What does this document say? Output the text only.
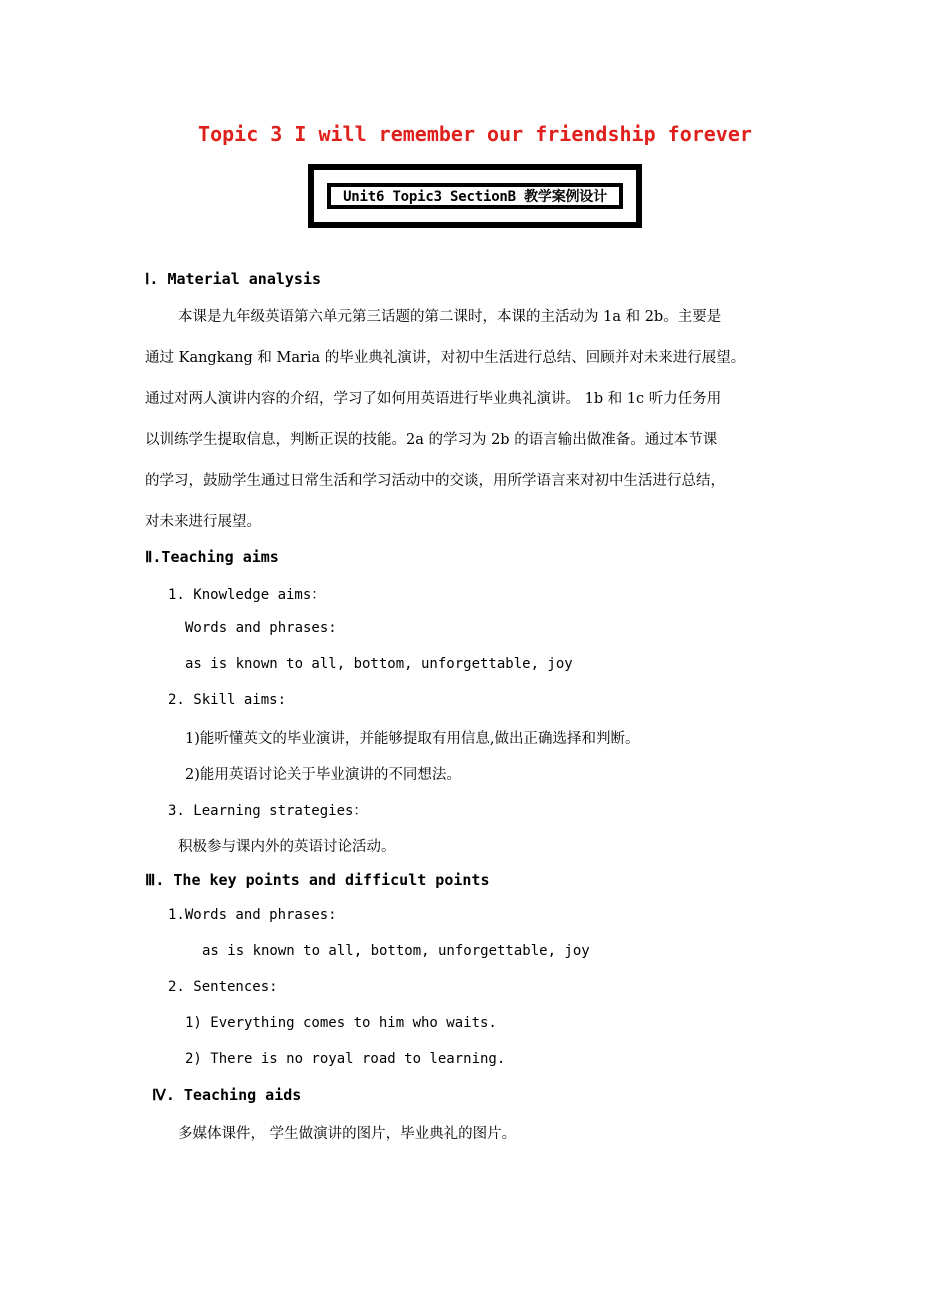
Topic 3 I will remember our friendship forever
Unit6 Topic3 SectionB 教学案例设计
Ⅰ. Material analysis
本课是九年级英语第六单元第三话题的第二课时，本课的主活动为 1a 和 2b。主要是
通过 Kangkang 和 Maria 的毕业典礼演讲，对初中生活进行总结、回顾并对未来进行展望。
通过对两人演讲内容的介绍，学习了如何用英语进行毕业典礼演讲。 1b 和 1c 听力任务用
以训练学生提取信息，判断正误的技能。2a 的学习为 2b 的语言输出做准备。通过本节课
的学习，鼓励学生通过日常生活和学习活动中的交谈，用所学语言来对初中生活进行总结，
对未来进行展望。
Ⅱ.Teaching aims
1. Knowledge aims：
Words and phrases:
as is known to all, bottom, unforgettable, joy
2. Skill aims:
1)能听懂英文的毕业演讲，并能够提取有用信息,做出正确选择和判断。
2)能用英语讨论关于毕业演讲的不同想法。
3. Learning strategies：
积极参与课内外的英语讨论活动。
Ⅲ. The key points and difficult points
1.Words and phrases:
as is known to all, bottom, unforgettable, joy
2. Sentences:
1) Everything comes to him who waits.
2) There is no royal road to learning.
Ⅳ. Teaching aids
多媒体课件， 学生做演讲的图片，毕业典礼的图片。
